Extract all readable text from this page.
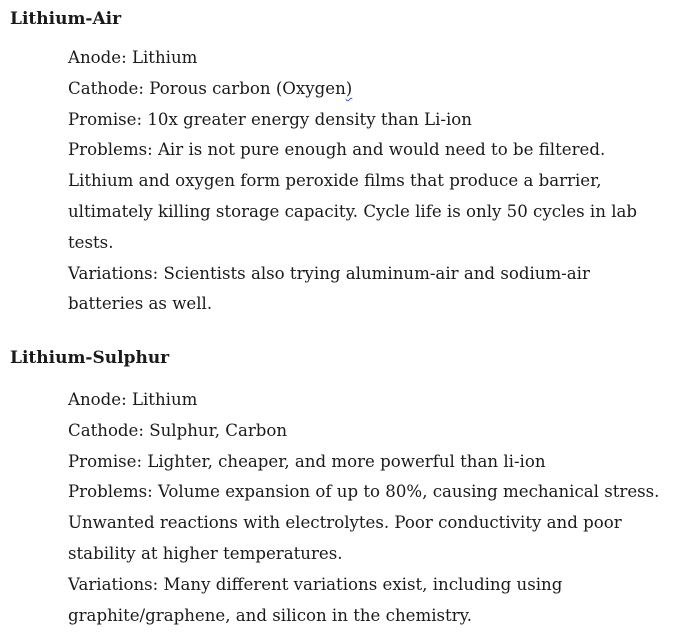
Lithium-Air
Anode: Lithium
Cathode: Porous carbon (Oxygen)
Promise: 10x greater energy density than Li-ion
Problems: Air is not pure enough and would need to be filtered.
Lithium and oxygen form peroxide films that produce a barrier,
ultimately killing storage capacity. Cycle life is only 50 cycles in lab
tests.
Variations: Scientists also trying aluminum-air and sodium-air
batteries as well.
Lithium-Sulphur
Anode: Lithium
Cathode: Sulphur, Carbon
Promise: Lighter, cheaper, and more powerful than li-ion
Problems: Volume expansion of up to 80%, causing mechanical stress.
Unwanted reactions with electrolytes. Poor conductivity and poor
stability at higher temperatures.
Variations: Many different variations exist, including using
graphite/graphene, and silicon in the chemistry.
